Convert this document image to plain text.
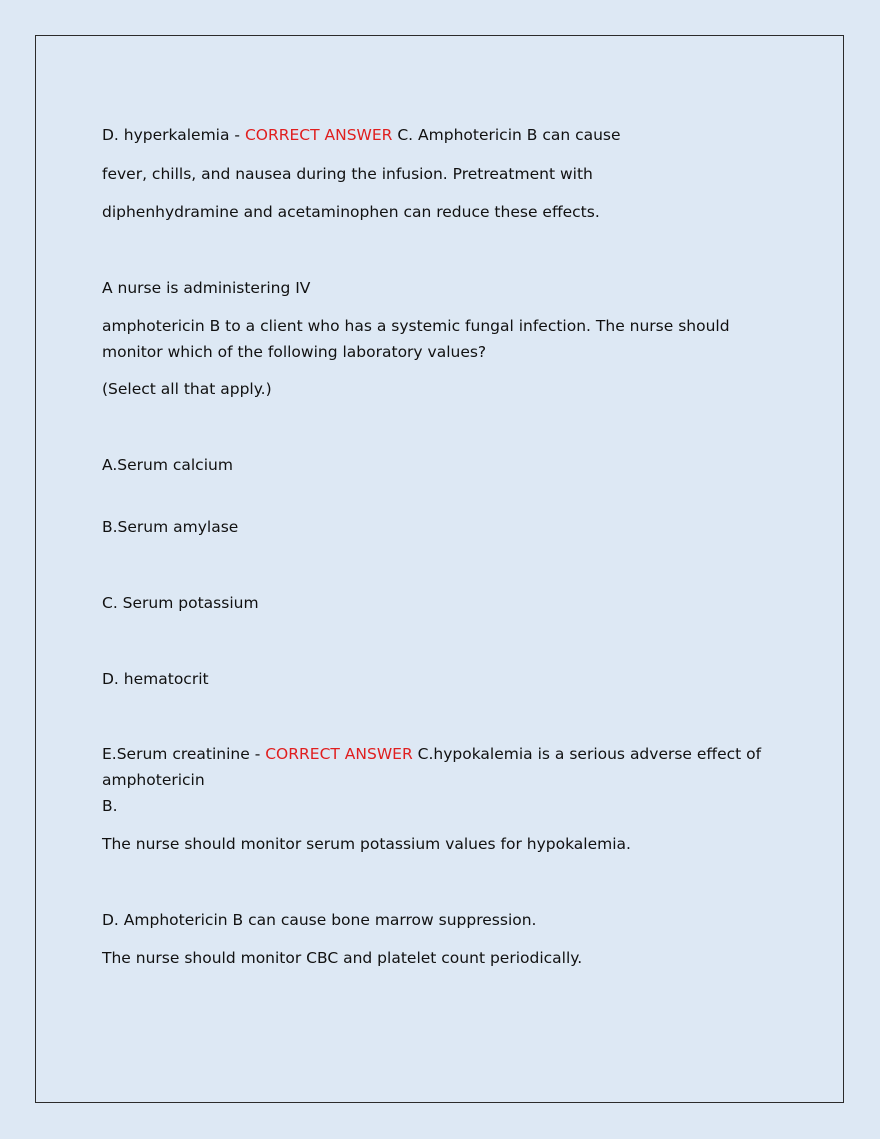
D. hyperkalemia - CORRECT ANSWER C. Amphotericin B can cause

fever, chills, and nausea during the infusion. Pretreatment with

diphenhydramine and acetaminophen can reduce these effects.

A nurse is administering IV

amphotericin B to a client who has a systemic fungal infection. The nurse should monitor which of the following laboratory values?

(Select all that apply.)

A.Serum calcium

B.Serum amylase

C. Serum potassium

D. hematocrit

E.Serum creatinine - CORRECT ANSWER C.hypokalemia is a serious adverse effect of amphotericin

B.

The nurse should monitor serum potassium values for hypokalemia.

D. Amphotericin B can cause bone marrow suppression.

The nurse should monitor CBC and platelet count periodically.
